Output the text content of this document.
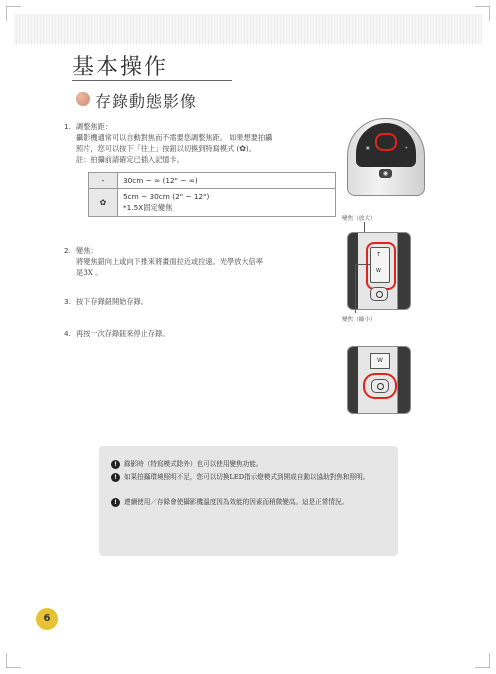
基本操作
存錄動態影像
1. 調整焦距：
攝影機通常可以自動對焦而不需要您調整焦距。 如果想要拍攝
照片，您可以按下「往上」按鈕以切換到特寫模式 (✿)。
註：拍攝前請確定已插入記憶卡。
-	30cm ~ ∞ (12" ~ ∞)
✿	5cm ~ 30cm (2" ~ 12")
*1.5X固定變焦
2. 變焦：
將變焦鈕向上或向下推來將畫面拉近或拉遠。光學放大倍率
是3X 。
3. 按下存錄鈕開始存錄。
4. 再按一次存錄鈕來停止存錄。
▣	✦
◉
變焦（放大）
T
W
變焦（縮小）
W
!	錄影時（特寫模式除外）也可以使用變焦功能。
!	如果拍攝環境照明不足，您可以切換LED指示燈模式到開或自動以協助對焦和照明。
!	連續使用／存錄會使攝影機溫度因為效能的因素而稍微變高。這是正常情況。
6
